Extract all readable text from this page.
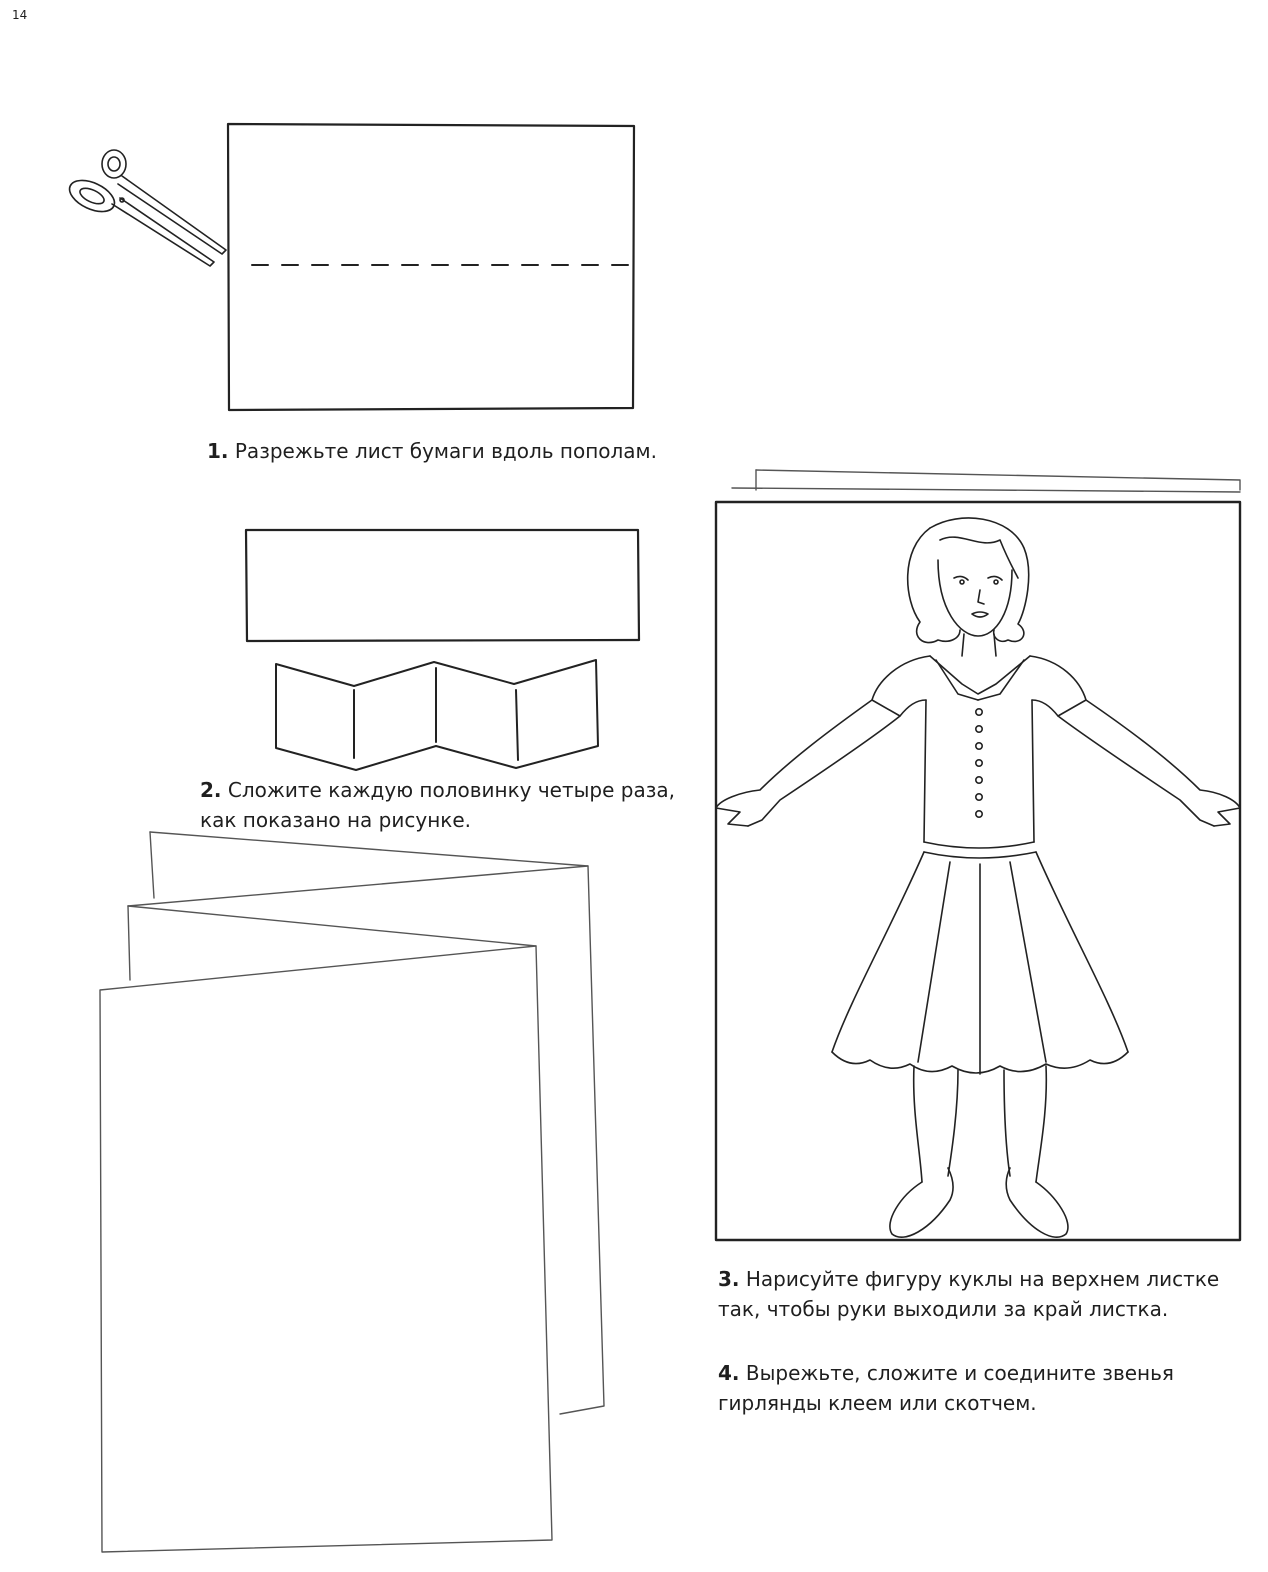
14

1. Разрежьте лист бумаги вдоль пополам.

2. Сложите каждую половинку четыре раза,
как показано на рисунке.

3. Нарисуйте фигуру куклы на верхнем листке
так, чтобы руки выходили за край листка.

4. Вырежьте, сложите и соедините звенья
гирлянды клеем или скотчем.
